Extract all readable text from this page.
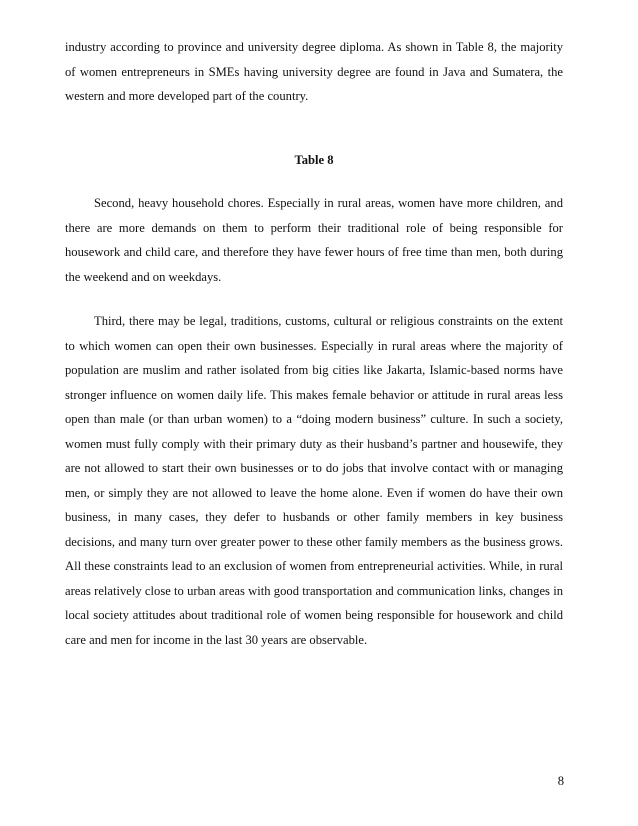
industry according to province and university degree diploma. As shown in Table 8, the majority
of women entrepreneurs in SMEs having university degree are found in Java and Sumatera, the
western and more developed part of the country.
Table 8
Second, heavy household chores. Especially in rural areas, women have more children, and
there are more demands on them to perform their traditional role of being responsible for
housework and child care, and therefore they have fewer hours of free time than men, both during
the weekend and on weekdays.
Third, there may be legal, traditions, customs, cultural or religious constraints on the extent
to which women can open their own businesses. Especially in rural areas where the majority of
population are muslim and rather isolated from big cities like Jakarta, Islamic-based norms have
stronger influence on women daily life. This makes female behavior or attitude in rural areas less
open than male (or than urban women) to a “doing modern business” culture. In such a society,
women must fully comply with their primary duty as their husband’s partner and housewife, they
are not allowed to start their own businesses or to do jobs that involve contact with or managing
men, or simply they are not allowed to leave the home alone. Even if women do have their own
business, in many cases, they defer to husbands or other family members in key business
decisions, and many turn over greater power to these other family members as the business grows.
All these constraints lead to an exclusion of women from entrepreneurial activities. While, in rural
areas relatively close to urban areas with good transportation and communication links, changes in
local society attitudes about traditional role of women being responsible for housework and child
care and men for income in the last 30 years are observable.
8
